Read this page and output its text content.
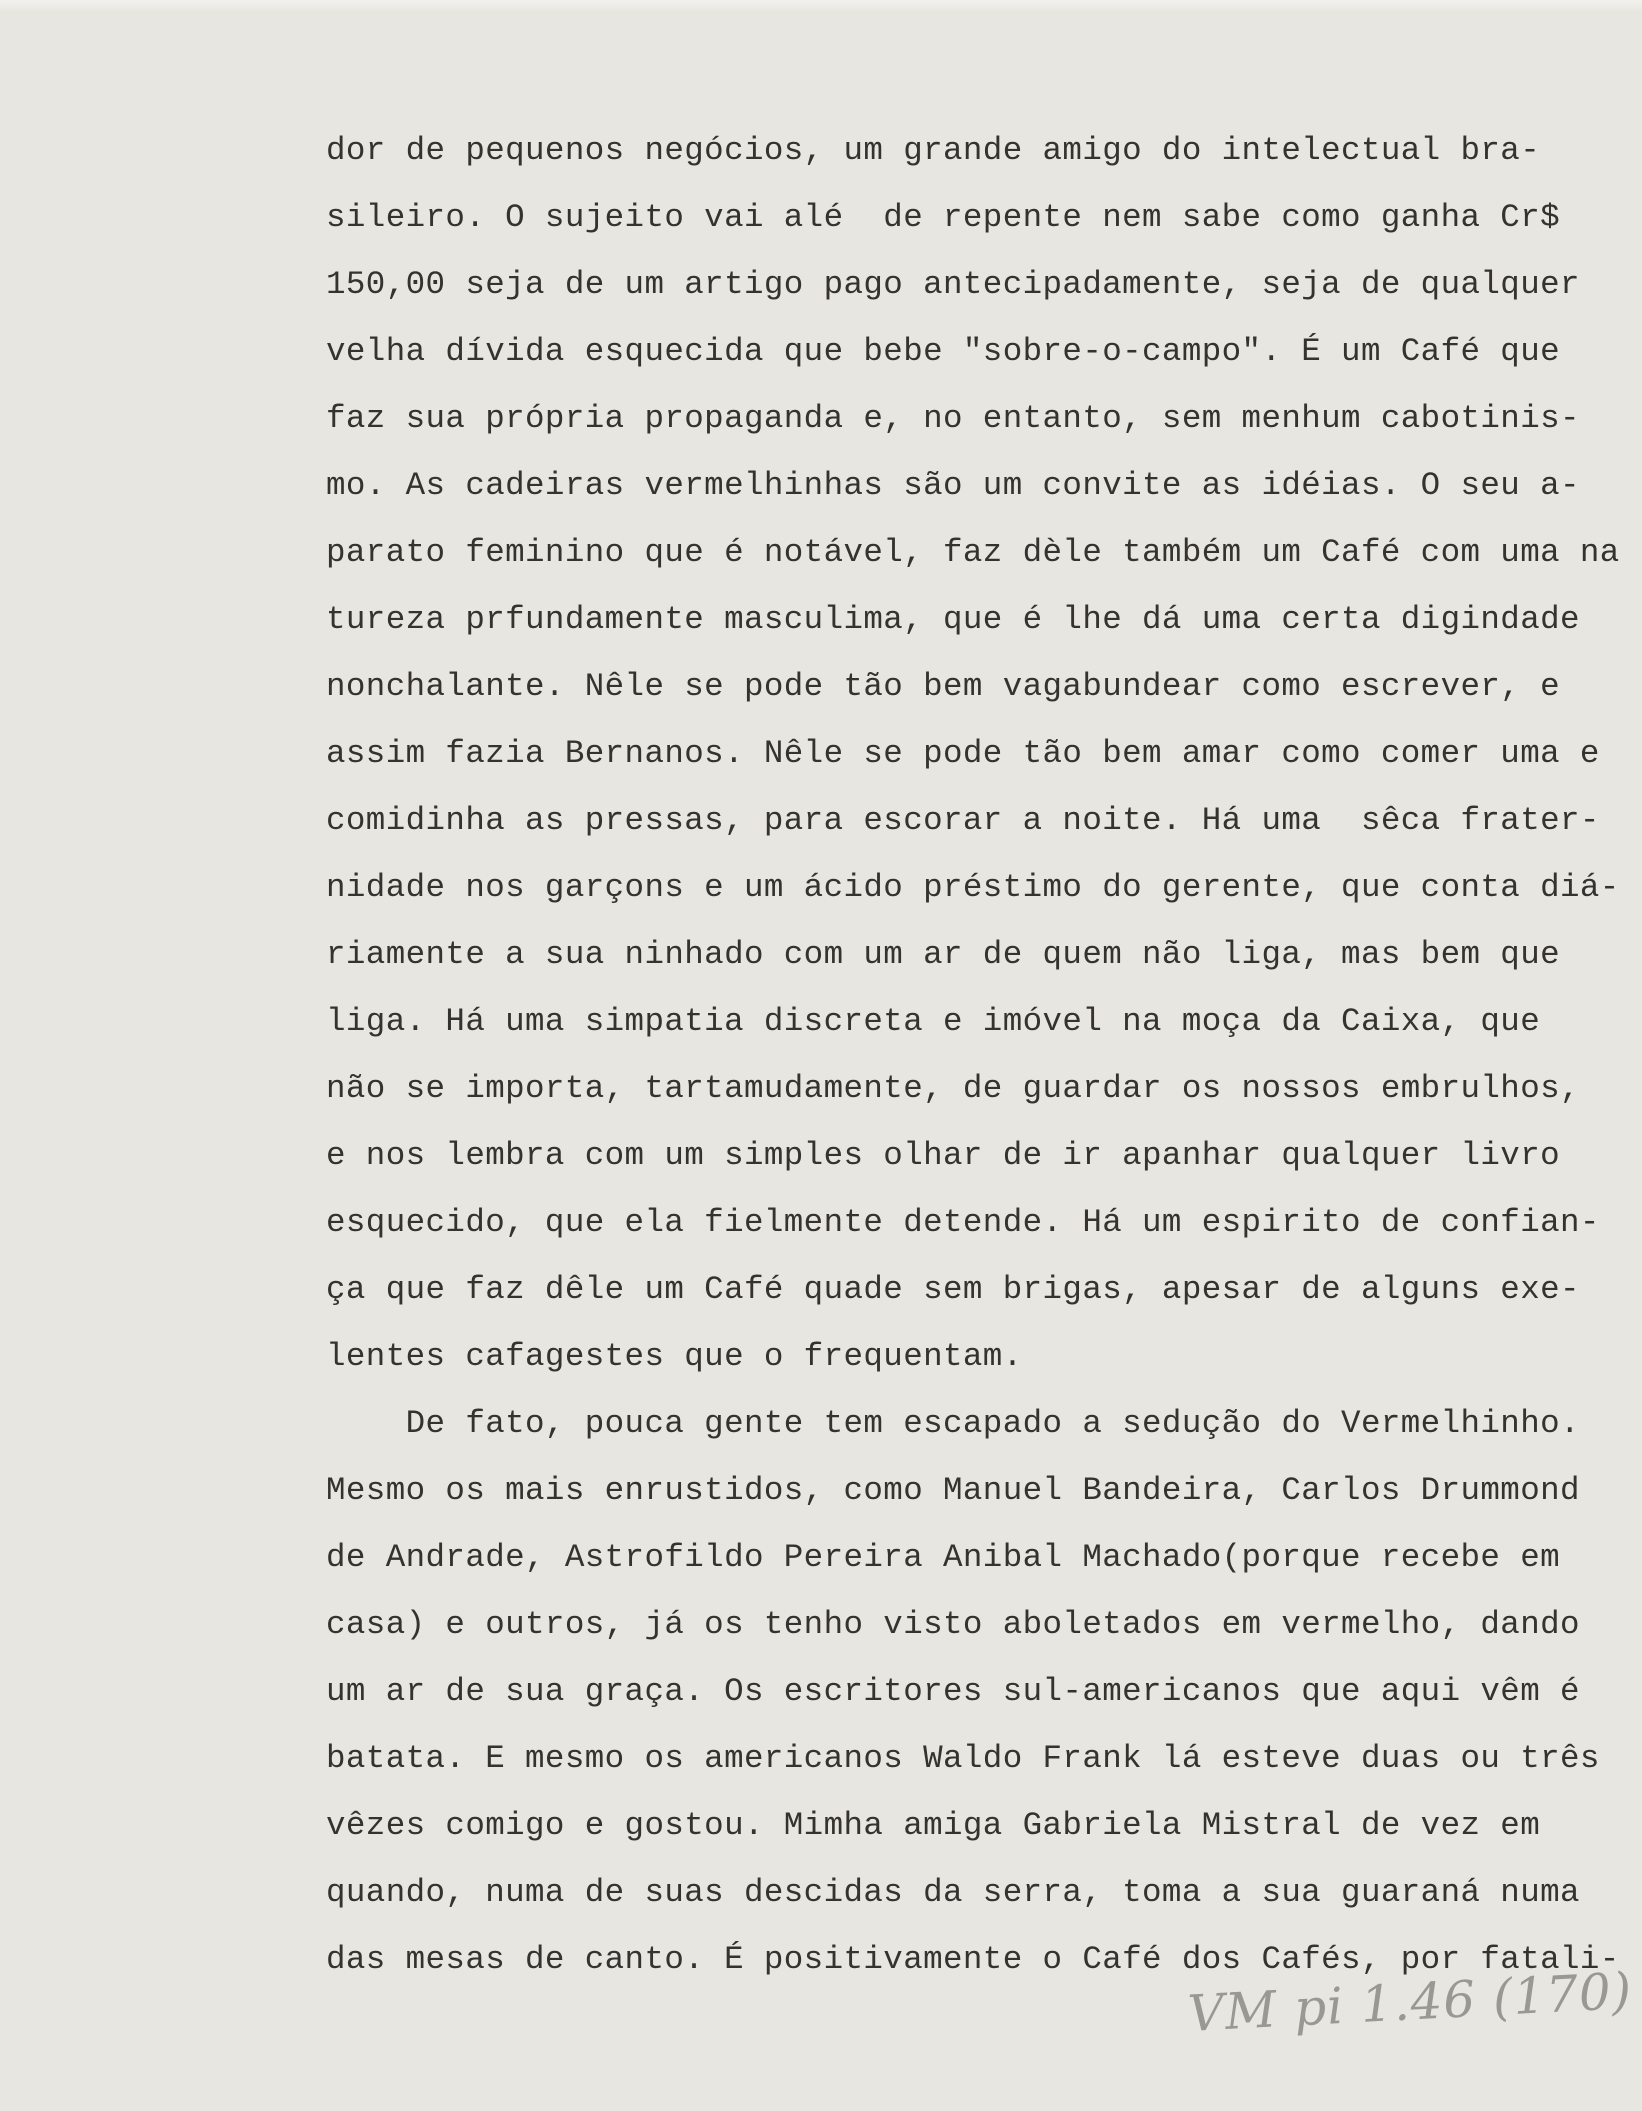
dor de pequenos negócios, um grande amigo do intelectual bra-
sileiro. O sujeito vai alé  de repente nem sabe como ganha Cr$
150,00 seja de um artigo pago antecipadamente, seja de qualquer
velha dívida esquecida que bebe "sobre-o-campo". É um Café que
faz sua própria propaganda e, no entanto, sem menhum cabotinis-
mo. As cadeiras vermelhinhas são um convite as idéias. O seu a-
parato feminino que é notável, faz dèle também um Café com uma na
tureza prfundamente masculima, que é lhe dá uma certa digindade
nonchalante. Nêle se pode tão bem vagabundear como escrever, e
assim fazia Bernanos. Nêle se pode tão bem amar como comer uma e
comidinha as pressas, para escorar a noite. Há uma  sêca frater-
nidade nos garçons e um ácido préstimo do gerente, que conta diá-
riamente a sua ninhado com um ar de quem não liga, mas bem que
liga. Há uma simpatia discreta e imóvel na moça da Caixa, que
não se importa, tartamudamente, de guardar os nossos embrulhos,
e nos lembra com um simples olhar de ir apanhar qualquer livro
esquecido, que ela fielmente detende. Há um espirito de confian-
ça que faz dêle um Café quade sem brigas, apesar de alguns exe-
lentes cafagestes que o frequentam.
De fato, pouca gente tem escapado a sedução do Vermelhinho.
Mesmo os mais enrustidos, como Manuel Bandeira, Carlos Drummond
de Andrade, Astrofildo Pereira Anibal Machado(porque recebe em
casa) e outros, já os tenho visto aboletados em vermelho, dando
um ar de sua graça. Os escritores sul-americanos que aqui vêm é
batata. E mesmo os americanos Waldo Frank lá esteve duas ou três
vêzes comigo e gostou. Mimha amiga Gabriela Mistral de vez em
quando, numa de suas descidas da serra, toma a sua guaraná numa
das mesas de canto. É positivamente o Café dos Cafés, por fatali-
VM pi 1.46 (170)
